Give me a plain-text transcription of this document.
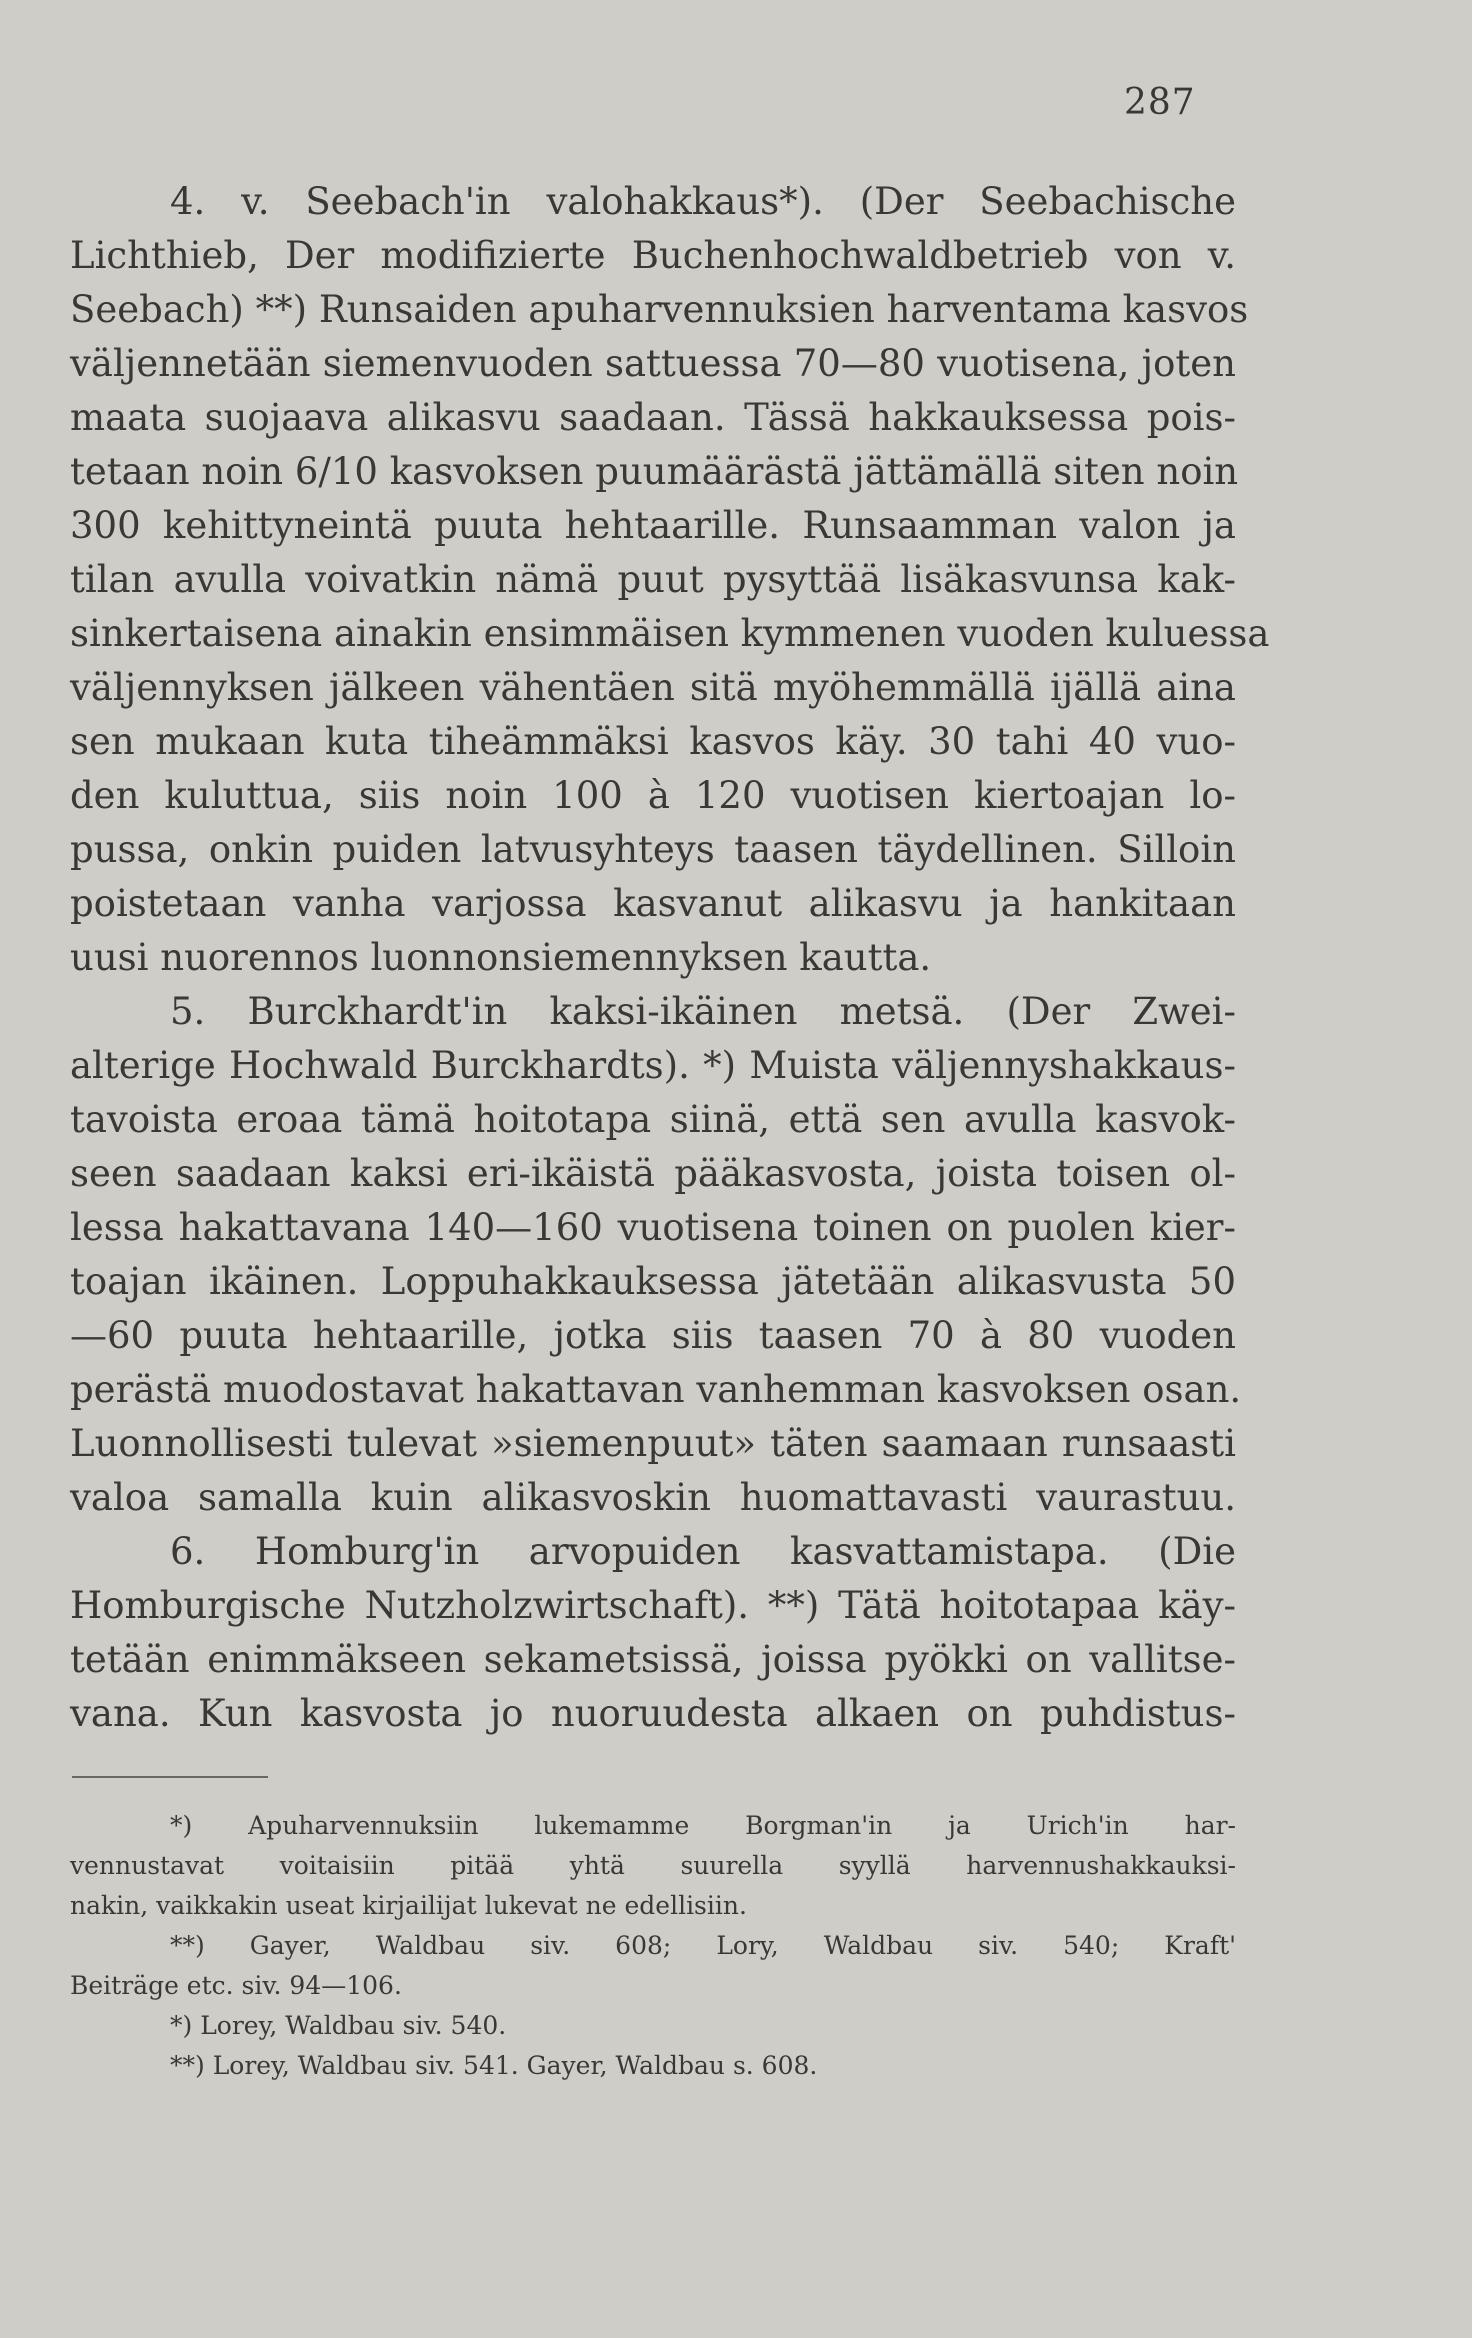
287
4. v. Seebach'in valohakkaus*). (Der Seebachische
Lichthieb, Der modifizierte Buchenhochwaldbetrieb von v.
Seebach) **) Runsaiden apuharvennuksien harventama kasvos
väljennetään siemenvuoden sattuessa 70—80 vuotisena, joten
maata suojaava alikasvu saadaan. Tässä hakkauksessa pois-
tetaan noin 6/10 kasvoksen puumäärästä jättämällä siten noin
300 kehittyneintä puuta hehtaarille. Runsaamman valon ja
tilan avulla voivatkin nämä puut pysyttää lisäkasvunsa kak-
sinkertaisena ainakin ensimmäisen kymmenen vuoden kuluessa
väljennyksen jälkeen vähentäen sitä myöhemmällä ijällä aina
sen mukaan kuta tiheämmäksi kasvos käy. 30 tahi 40 vuo-
den kuluttua, siis noin 100 à 120 vuotisen kiertoajan lo-
pussa, onkin puiden latvusyhteys taasen täydellinen. Silloin
poistetaan vanha varjossa kasvanut alikasvu ja hankitaan
uusi nuorennos luonnonsiemennyksen kautta.
5. Burckhardt'in kaksi-ikäinen metsä. (Der Zwei-
alterige Hochwald Burckhardts). *) Muista väljennyshakkaus-
tavoista eroaa tämä hoitotapa siinä, että sen avulla kasvok-
seen saadaan kaksi eri-ikäistä pääkasvosta, joista toisen ol-
lessa hakattavana 140—160 vuotisena toinen on puolen kier-
toajan ikäinen. Loppuhakkauksessa jätetään alikasvusta 50
—60 puuta hehtaarille, jotka siis taasen 70 à 80 vuoden
perästä muodostavat hakattavan vanhemman kasvoksen osan.
Luonnollisesti tulevat »siemenpuut» täten saamaan runsaasti
valoa samalla kuin alikasvoskin huomattavasti vaurastuu.
6. Homburg'in arvopuiden kasvattamistapa. (Die
Homburgische Nutzholzwirtschaft). **) Tätä hoitotapaa käy-
tetään enimmäkseen sekametsissä, joissa pyökki on vallitse-
vana. Kun kasvosta jo nuoruudesta alkaen on puhdistus-
*) Apuharvennuksiin lukemamme Borgman'in ja Urich'in har-
vennustavat voitaisiin pitää yhtä suurella syyllä harvennushakkauksi-
nakin, vaikkakin useat kirjailijat lukevat ne edellisiin.
**) Gayer, Waldbau siv. 608; Lory, Waldbau siv. 540; Kraft'
Beiträge etc. siv. 94—106.
*) Lorey, Waldbau siv. 540.
**) Lorey, Waldbau siv. 541. Gayer, Waldbau s. 608.
